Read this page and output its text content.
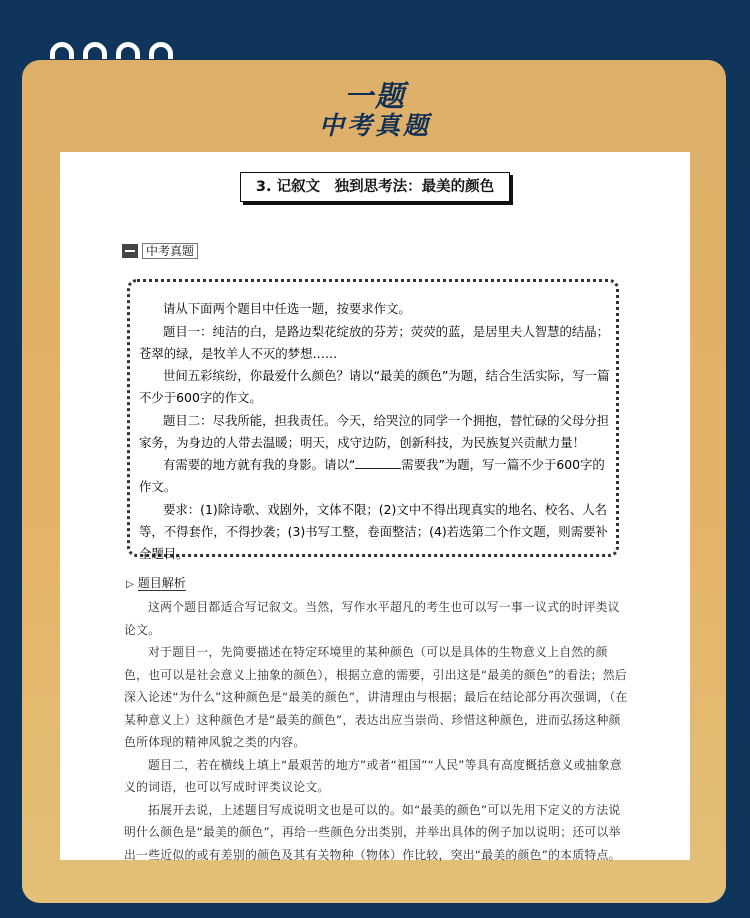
一题
中考真题
3. 记叙文　独到思考法：最美的颜色
中考真题

请从下面两个题目中任选一题，按要求作文。

题目一：纯洁的白，是路边梨花绽放的芬芳；荧荧的蓝，是居里夫人智慧的结晶；苍翠的绿，是牧羊人不灭的梦想……

世间五彩缤纷，你最爱什么颜色？请以“最美的颜色”为题，结合生活实际，写一篇不少于600字的作文。

题目二：尽我所能，担我责任。今天，给哭泣的同学一个拥抱，替忙碌的父母分担家务，为身边的人带去温暖；明天，戍守边防，创新科技，为民族复兴贡献力量！

有需要的地方就有我的身影。请以“	需要我”为题，写一篇不少于600字的作文。

要求：(1)除诗歌、戏剧外，文体不限；(2)文中不得出现真实的地名、校名、人名等，不得套作，不得抄袭；(3)书写工整，卷面整洁；(4)若选第二个作文题，则需要补全题目。

▷ 题目解析

这两个题目都适合写记叙文。当然，写作水平超凡的考生也可以写一事一议式的时评类议论文。

对于题目一，先简要描述在特定环境里的某种颜色（可以是具体的生物意义上自然的颜色，也可以是社会意义上抽象的颜色），根据立意的需要，引出这是“最美的颜色”的看法；然后深入论述“为什么”这种颜色是“最美的颜色”，讲清理由与根据；最后在结论部分再次强调，（在某种意义上）这种颜色才是“最美的颜色”，表达出应当崇尚、珍惜这种颜色，进而弘扬这种颜色所体现的精神风貌之类的内容。

题目二，若在横线上填上“最艰苦的地方”或者“祖国”“人民”等具有高度概括意义或抽象意义的词语，也可以写成时评类议论文。

拓展开去说，上述题目写成说明文也是可以的。如“最美的颜色”可以先用下定义的方法说明什么颜色是“最美的颜色”，再给一些颜色分出类别，并举出具体的例子加以说明；还可以举出一些近似的或有差别的颜色及其有关物种（物体）作比较，突出“最美的颜色”的本质特点。
